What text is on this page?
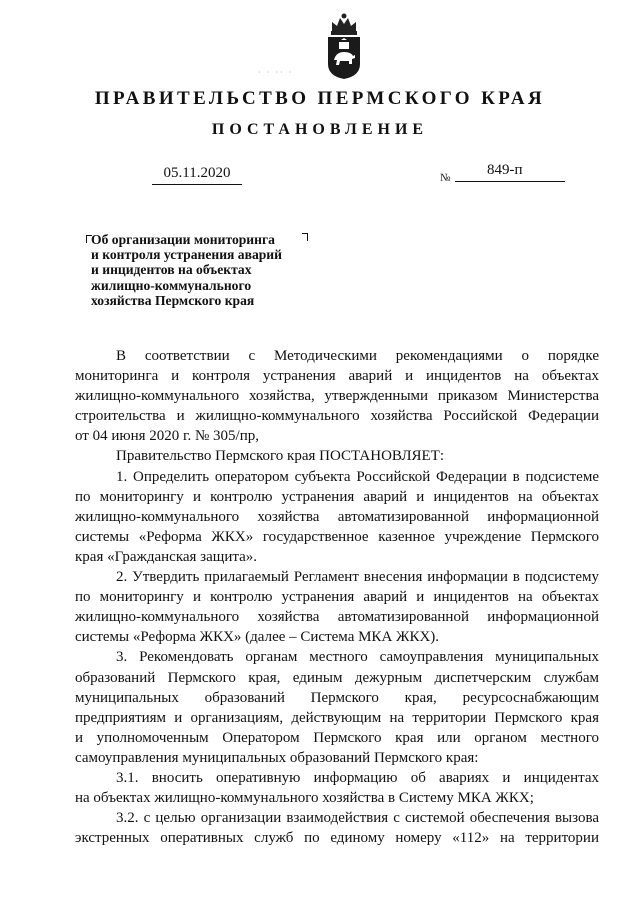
· · ·· ·
ПРАВИТЕЛЬСТВО ПЕРМСКОГО КРАЯ
ПОСТАНОВЛЕНИЕ
05.11.2020	№	849-п
Об организации мониторинга
и контроля устранения аварий
и инцидентов на объектах
жилищно-коммунального
хозяйства Пермского края
В соответствии с Методическими рекомендациями о порядке
мониторинга и контроля устранения аварий и инцидентов на объектах
жилищно-коммунального хозяйства, утвержденными приказом Министерства
строительства и жилищно-коммунального хозяйства Российской Федерации
от 04 июня 2020 г. № 305/пр,
Правительство Пермского края ПОСТАНОВЛЯЕТ:
1. Определить оператором субъекта Российской Федерации в подсистеме
по мониторингу и контролю устранения аварий и инцидентов на объектах
жилищно-коммунального хозяйства автоматизированной информационной
системы «Реформа ЖКХ» государственное казенное учреждение Пермского
края «Гражданская защита».
2. Утвердить прилагаемый Регламент внесения информации в подсистему
по мониторингу и контролю устранения аварий и инцидентов на объектах
жилищно-коммунального хозяйства автоматизированной информационной
системы «Реформа ЖКХ» (далее – Система МКА ЖКХ).
3. Рекомендовать органам местного самоуправления муниципальных
образований Пермского края, единым дежурным диспетчерским службам
муниципальных образований Пермского края, ресурсоснабжающим
предприятиям и организациям, действующим на территории Пермского края
и уполномоченным Оператором Пермского края или органом местного
самоуправления муниципальных образований Пермского края:
3.1. вносить оперативную информацию об авариях и инцидентах
на объектах жилищно-коммунального хозяйства в Систему МКА ЖКХ;
3.2. с целью организации взаимодействия с системой обеспечения вызова
экстренных оперативных служб по единому номеру «112» на территории
